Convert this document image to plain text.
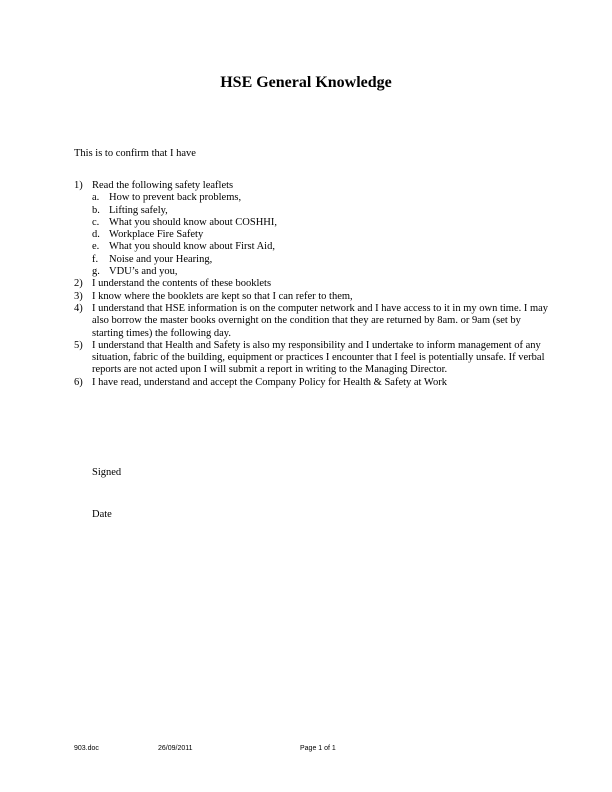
HSE General Knowledge

This is to confirm that I have

1) Read the following safety leaflets
a. How to prevent back problems,
b. Lifting safely,
c. What you should know about COSHHI,
d. Workplace Fire Safety
e. What you should know about First Aid,
f. Noise and your Hearing,
g. VDU’s and you,
2) I understand the contents of these booklets
3) I know where the booklets are kept so that I can refer to them,
4) I understand that HSE information is on the computer network and I have access to it in my own time. I may also borrow the master books overnight on the condition that they are returned by 8am. or 9am (set by starting times) the following day.
5) I understand that Health and Safety is also my responsibility and I undertake to inform management of any situation, fabric of the building, equipment or practices I encounter that I feel is potentially unsafe. If verbal reports are not acted upon I will submit a report in writing to the Managing Director.
6) I have read, understand and accept the Company Policy for Health & Safety at Work

Signed

Date

903.doc	26/09/2011	Page 1 of 1
